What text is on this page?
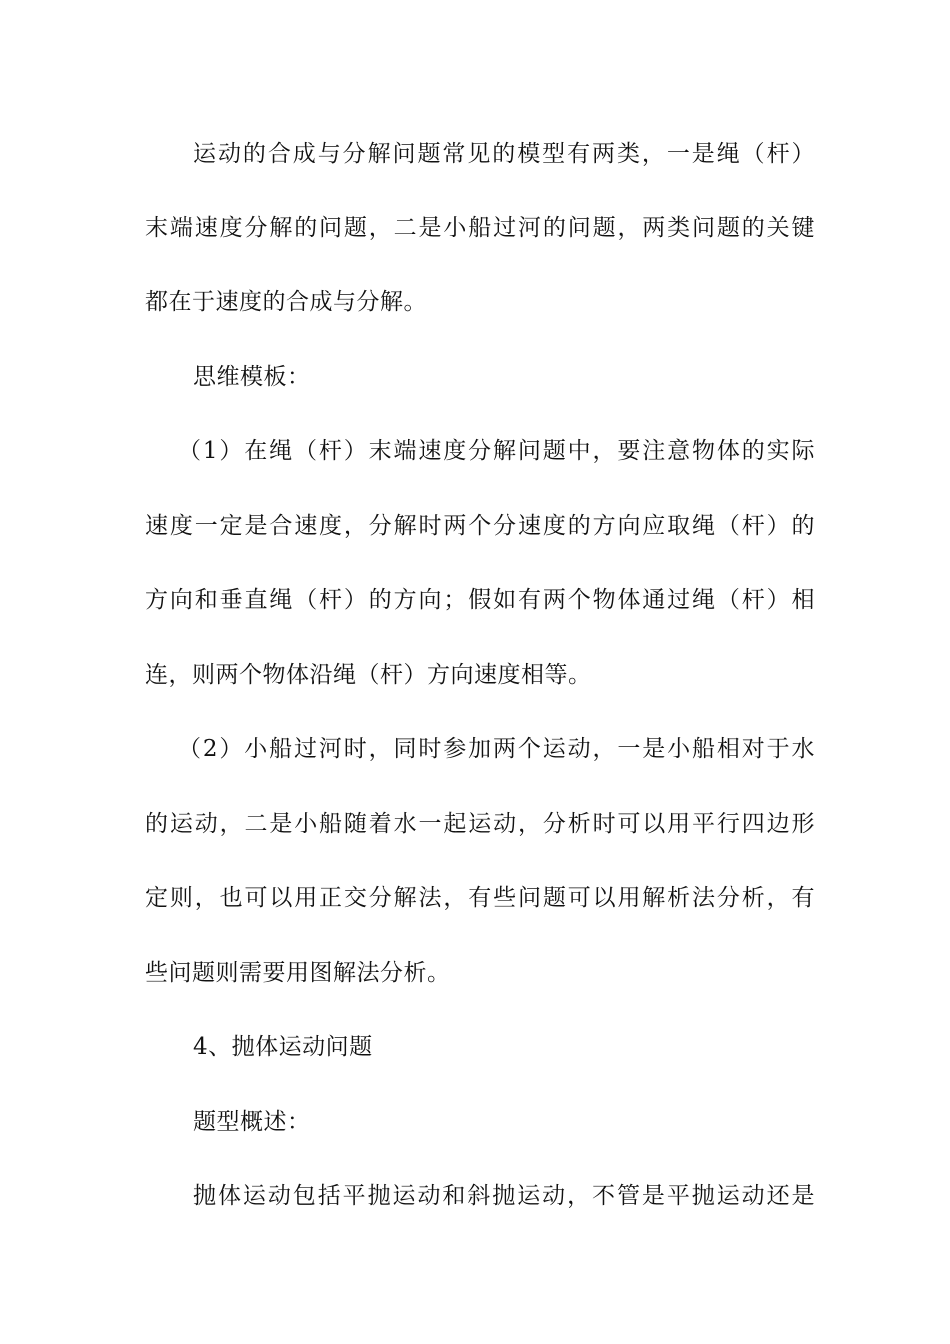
运动的合成与分解问题常见的模型有两类，一是绳（杆）
末端速度分解的问题，二是小船过河的问题，两类问题的关键
都在于速度的合成与分解。
思维模板：
（1）在绳（杆）末端速度分解问题中，要注意物体的实际
速度一定是合速度，分解时两个分速度的方向应取绳（杆）的
方向和垂直绳（杆）的方向；假如有两个物体通过绳（杆）相
连，则两个物体沿绳（杆）方向速度相等。
（2）小船过河时，同时参加两个运动，一是小船相对于水
的运动，二是小船随着水一起运动，分析时可以用平行四边形
定则，也可以用正交分解法，有些问题可以用解析法分析，有
些问题则需要用图解法分析。
4、抛体运动问题
题型概述：
抛体运动包括平抛运动和斜抛运动，不管是平抛运动还是
